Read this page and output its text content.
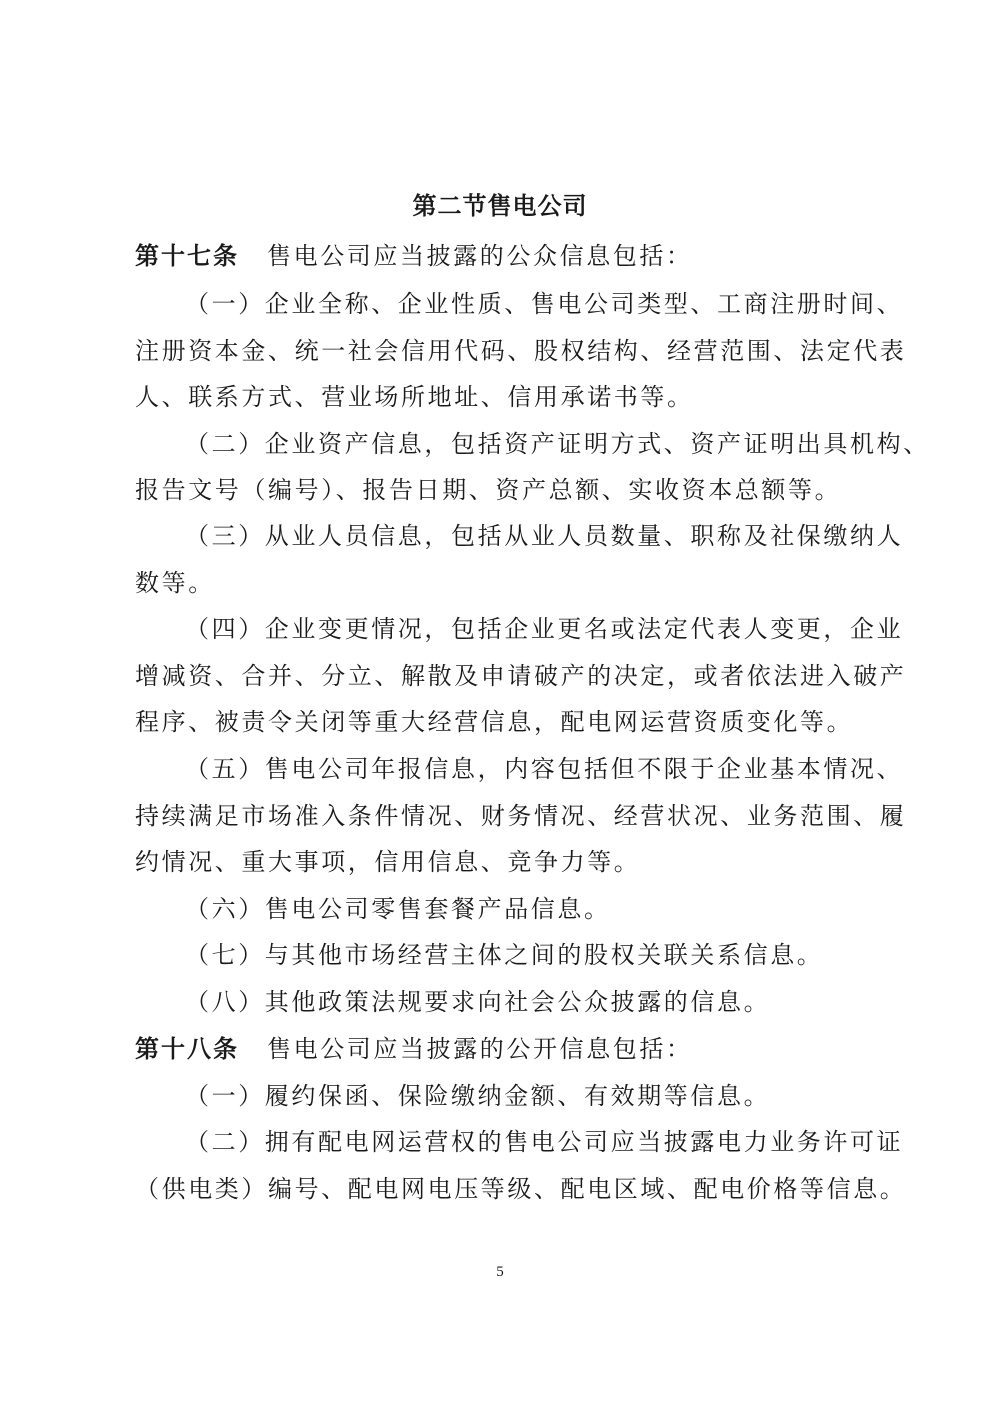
第二节售电公司
第十七条 售电公司应当披露的公众信息包括：
（一）企业全称、企业性质、售电公司类型、工商注册时间、
注册资本金、统一社会信用代码、股权结构、经营范围、法定代表
人、联系方式、营业场所地址、信用承诺书等。
（二）企业资产信息，包括资产证明方式、资产证明出具机构、
报告文号（编号）、报告日期、资产总额、实收资本总额等。
（三）从业人员信息，包括从业人员数量、职称及社保缴纳人
数等。
（四）企业变更情况，包括企业更名或法定代表人变更，企业
增减资、合并、分立、解散及申请破产的决定，或者依法进入破产
程序、被责令关闭等重大经营信息，配电网运营资质变化等。
（五）售电公司年报信息，内容包括但不限于企业基本情况、
持续满足市场准入条件情况、财务情况、经营状况、业务范围、履
约情况、重大事项，信用信息、竞争力等。
（六）售电公司零售套餐产品信息。
（七）与其他市场经营主体之间的股权关联关系信息。
（八）其他政策法规要求向社会公众披露的信息。
第十八条 售电公司应当披露的公开信息包括：
（一）履约保函、保险缴纳金额、有效期等信息。
（二）拥有配电网运营权的售电公司应当披露电力业务许可证
（供电类）编号、配电网电压等级、配电区域、配电价格等信息。
5
